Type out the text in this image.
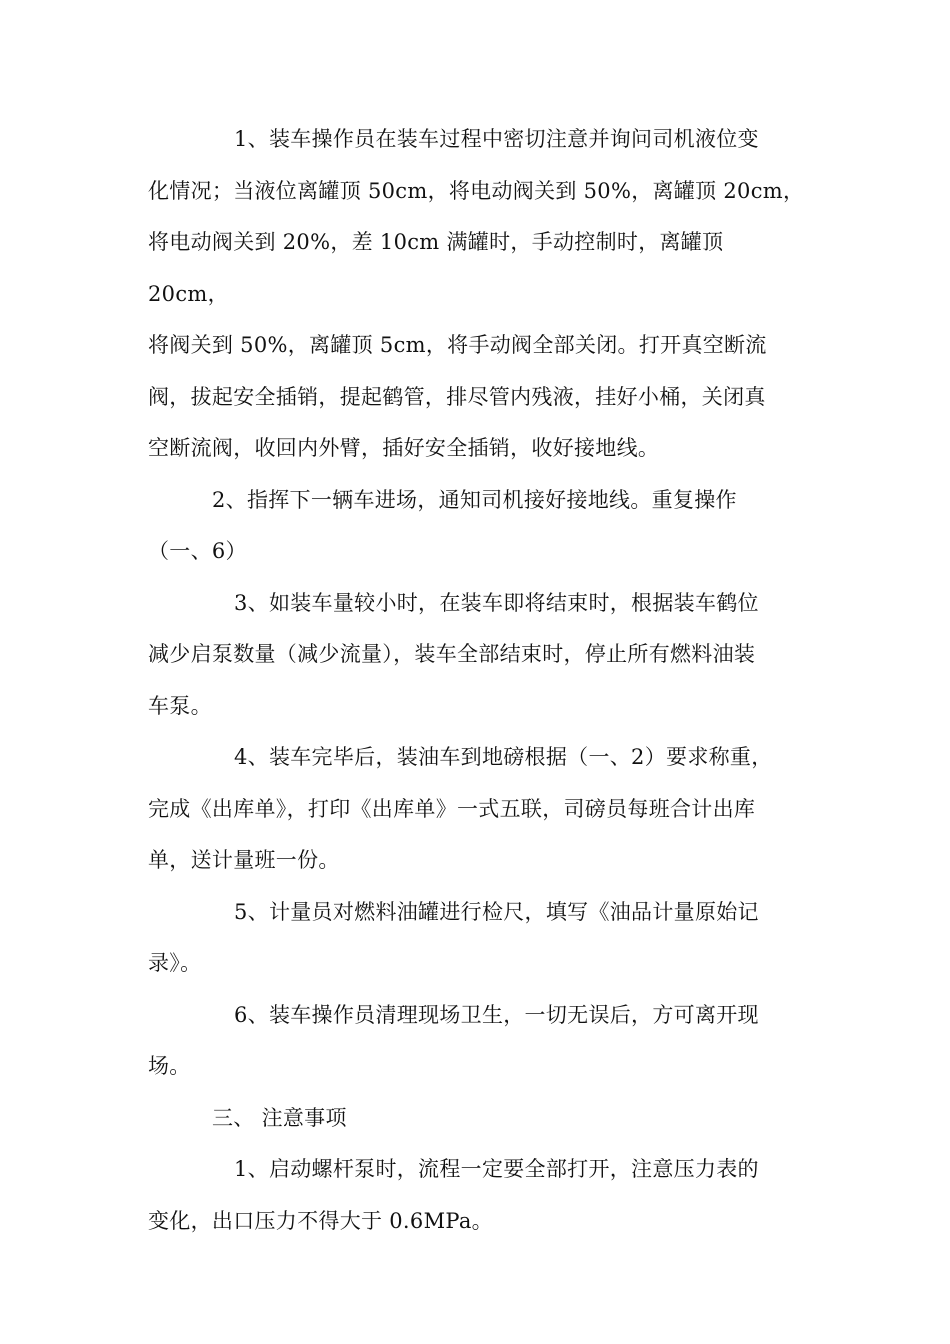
1、装车操作员在装车过程中密切注意并询问司机液位变
化情况；当液位离罐顶 50cm，将电动阀关到 50%，离罐顶 20cm，
将电动阀关到 20%，差 10cm 满罐时，手动控制时，离罐顶 20cm，
将阀关到 50%，离罐顶 5cm，将手动阀全部关闭。打开真空断流
阀，拔起安全插销，提起鹤管，排尽管内残液，挂好小桶，关闭真
空断流阀，收回内外臂，插好安全插销，收好接地线。

2、指挥下一辆车进场，通知司机接好接地线。重复操作
（一、6）

3、如装车量较小时，在装车即将结束时，根据装车鹤位
减少启泵数量（减少流量），装车全部结束时，停止所有燃料油装
车泵。

4、装车完毕后，装油车到地磅根据（一、2）要求称重，
完成《出库单》，打印《出库单》一式五联，司磅员每班合计出库
单，送计量班一份。

5、计量员对燃料油罐进行检尺，填写《油品计量原始记
录》。

6、装车操作员清理现场卫生，一切无误后，方可离开现
场。

三、 注意事项

1、启动螺杆泵时，流程一定要全部打开，注意压力表的
变化，出口压力不得大于 0.6MPa。
